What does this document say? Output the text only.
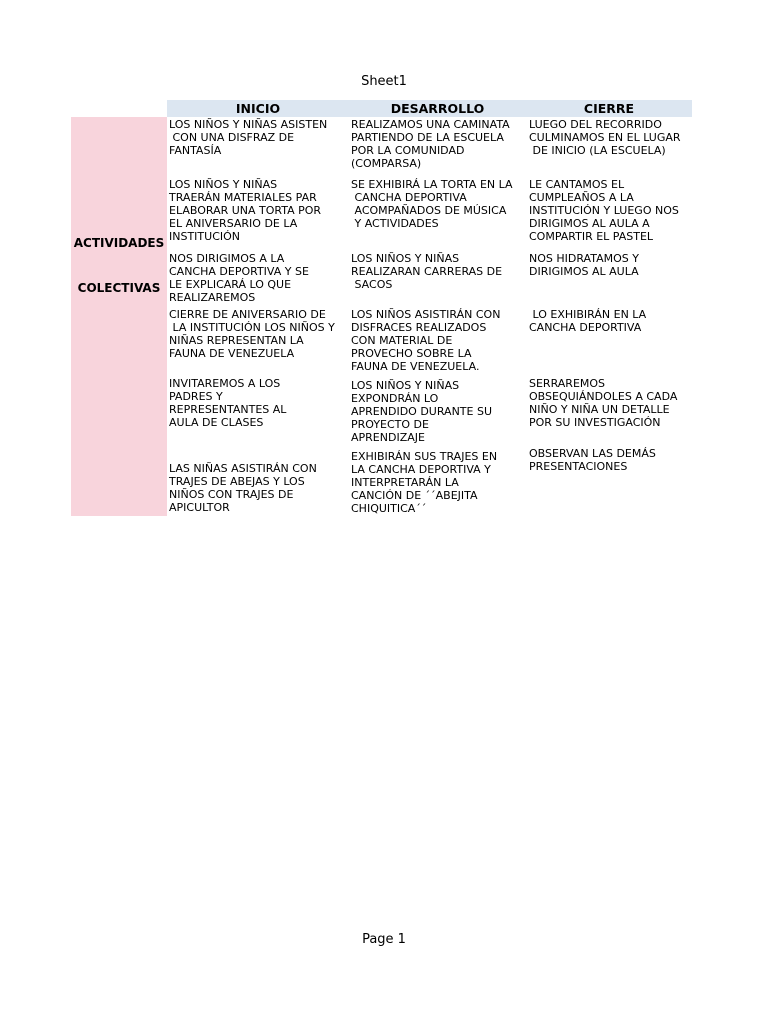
Sheet1
INICIO	DESARROLLO	CIERRE
ACTIVIDADES
COLECTIVAS
LOS NIÑOS Y NIÑAS ASISTEN
CON UNA DISFRAZ DE
FANTASÍA
REALIZAMOS UNA CAMINATA
PARTIENDO DE LA ESCUELA
POR LA COMUNIDAD
(COMPARSA)
LUEGO DEL RECORRIDO
CULMINAMOS EN EL LUGAR
DE INICIO (LA ESCUELA)
LOS NIÑOS Y NIÑAS
TRAERÁN MATERIALES PAR
ELABORAR UNA TORTA POR
EL ANIVERSARIO DE LA
INSTITUCIÓN
SE EXHIBIRÁ LA TORTA EN LA
CANCHA DEPORTIVA
ACOMPAÑADOS DE MÚSICA
Y ACTIVIDADES
LE CANTAMOS EL
CUMPLEAÑOS A LA
INSTITUCIÓN Y LUEGO NOS
DIRIGIMOS AL AULA A
COMPARTIR EL PASTEL
NOS DIRIGIMOS A LA
CANCHA DEPORTIVA Y SE
LE EXPLICARÁ LO QUE
REALIZAREMOS
LOS NIÑOS Y NIÑAS
REALIZARAN CARRERAS DE
SACOS
NOS HIDRATAMOS Y
DIRIGIMOS AL AULA
CIERRE DE ANIVERSARIO DE
LA INSTITUCIÓN LOS NIÑOS Y
NIÑAS REPRESENTAN LA
FAUNA DE VENEZUELA
LOS NIÑOS ASISTIRÁN CON
DISFRACES REALIZADOS
CON MATERIAL DE
PROVECHO SOBRE LA
FAUNA DE VENEZUELA.
LO EXHIBIRÁN EN LA
CANCHA DEPORTIVA
INVITAREMOS A LOS
PADRES Y
REPRESENTANTES AL
AULA DE CLASES
LOS NIÑOS Y NIÑAS
EXPONDRÁN LO
APRENDIDO DURANTE SU
PROYECTO DE
APRENDIZAJE
SERRAREMOS
OBSEQUIÁNDOLES A CADA
NIÑO Y NIÑA UN DETALLE
POR SU INVESTIGACIÓN
LAS NIÑAS ASISTIRÁN CON
TRAJES DE ABEJAS Y LOS
NIÑOS CON TRAJES DE
APICULTOR
EXHIBIRÁN SUS TRAJES EN
LA CANCHA DEPORTIVA Y
INTERPRETARÁN LA
CANCIÓN DE ´´ABEJITA
CHIQUITICA´´
OBSERVAN LAS DEMÁS
PRESENTACIONES
Page 1
